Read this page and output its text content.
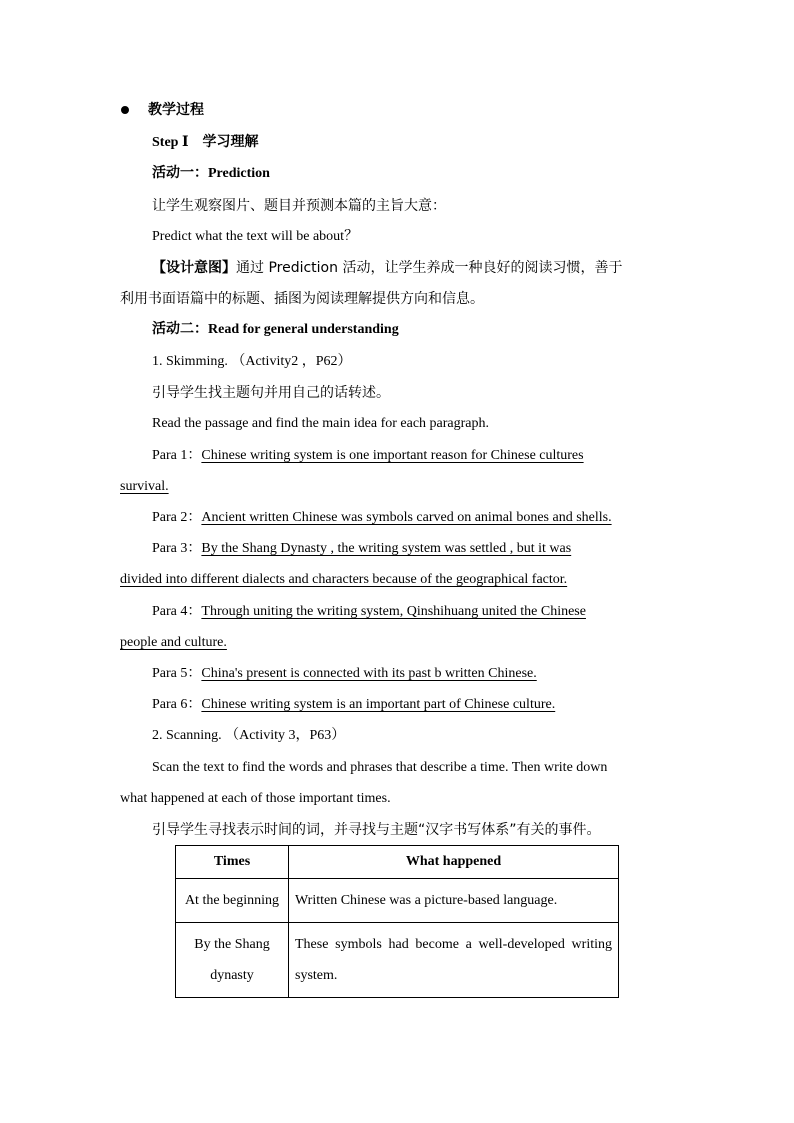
教学过程
Step Ⅰ　学习理解
活动一：Prediction
让学生观察图片、题目并预测本篇的主旨大意：
Predict what the text will be about？
【设计意图】通过 Prediction 活动，让学生养成一种良好的阅读习惯，善于
利用书面语篇中的标题、插图为阅读理解提供方向和信息。
活动二：Read for general understanding
1. Skimming. （Activity2 ，P62）
引导学生找主题句并用自己的话转述。
Read the passage and find the main idea for each paragraph.
Para 1：Chinese writing system is one important reason for Chinese cultures
survival.
Para 2：Ancient written Chinese was symbols carved on animal bones and shells.
Para 3：By the Shang Dynasty , the writing system was settled , but it was
divided into different dialects and characters because of the geographical factor.
Para 4：Through uniting the writing system, Qinshihuang united the Chinese
people and culture.
Para 5：China's present is connected with its past b written Chinese.
Para 6：Chinese writing system is an important part of Chinese culture.
2. Scanning. （Activity 3，P63）
Scan the text to find the words and phrases that describe a time. Then write down
what happened at each of those important times.
引导学生寻找表示时间的词，并寻找与主题“汉字书写体系”有关的事件。
Times	What happened
At the beginning	Written Chinese was a picture-based language.
By the Shang dynasty	These symbols had become a well-developed writing system.
